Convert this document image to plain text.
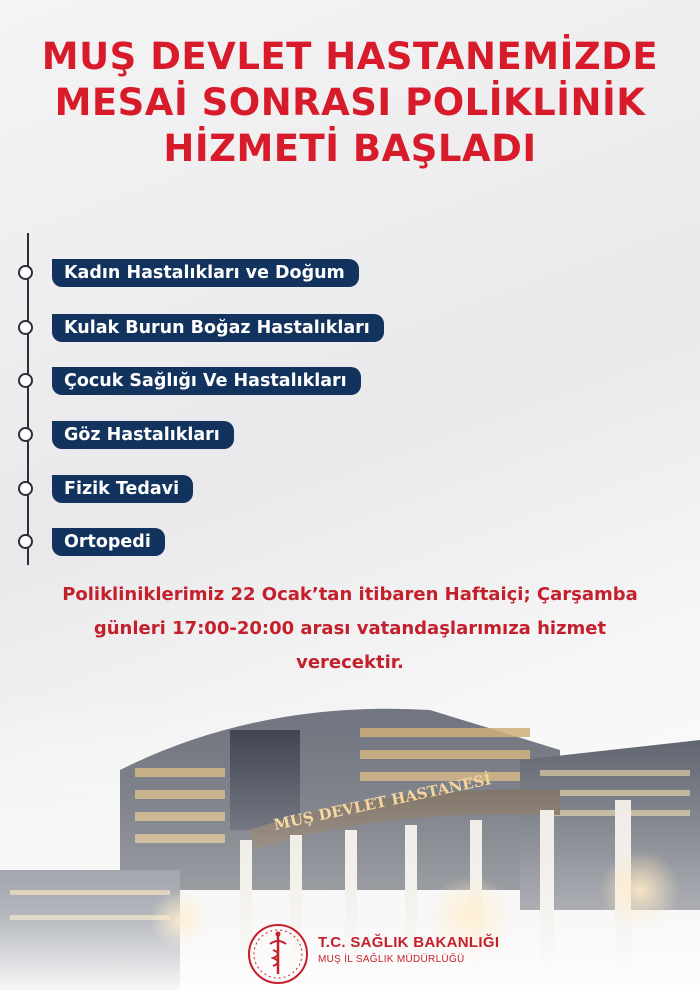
MUŞ DEVLET HASTANEMİZDE
MESAİ SONRASI POLİKLİNİK
HİZMETİ BAŞLADI
Kadın Hastalıkları ve Doğum
Kulak Burun Boğaz Hastalıkları
Çocuk Sağlığı Ve Hastalıkları
Göz Hastalıkları
Fizik Tedavi
Ortopedi
Polikliniklerimiz 22 Ocak’tan itibaren Haftaiçi; Çarşamba
günleri 17:00-20:00 arası vatandaşlarımıza hizmet
verecektir.
T.C. SAĞLIK BAKANLIĞI
MUŞ İL SAĞLIK MÜDÜRLÜĞÜ
